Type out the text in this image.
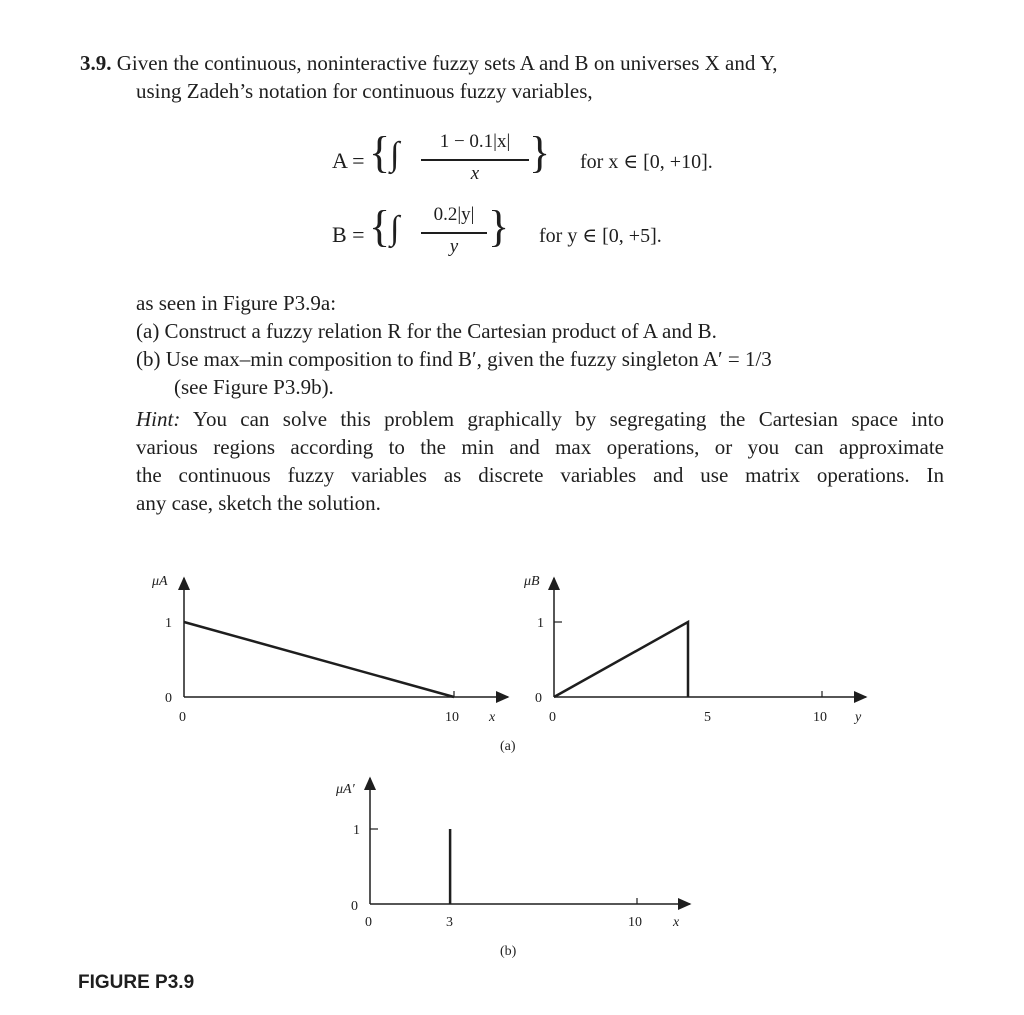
3.9. Given the continuous, noninteractive fuzzy sets A and B on universes X and Y,
using Zadeh’s notation for continuous fuzzy variables,
A = { ∫	1 − 0.1|x|
x	} for x ∈ [0, +10].
B = { ∫	0.2|y|
y } for y ∈ [0, +5].
as seen in Figure P3.9a:
(a) Construct a fuzzy relation R for the Cartesian product of A and B.
(b) Use max–min composition to find B′, given the fuzzy singleton A′ = 1/3
(see Figure P3.9b).
Hint: You can solve this problem graphically by segregating the Cartesian space into
various regions according to the min and max operations, or you can approximate
the continuous fuzzy variables as discrete variables and use matrix operations. In
any case, sketch the solution.
μA
1
0
0	10 x
μB
1
0
0	5	10 y
(a)
μA′
1
0
0	3	10 x
(b)
FIGURE P3.9
